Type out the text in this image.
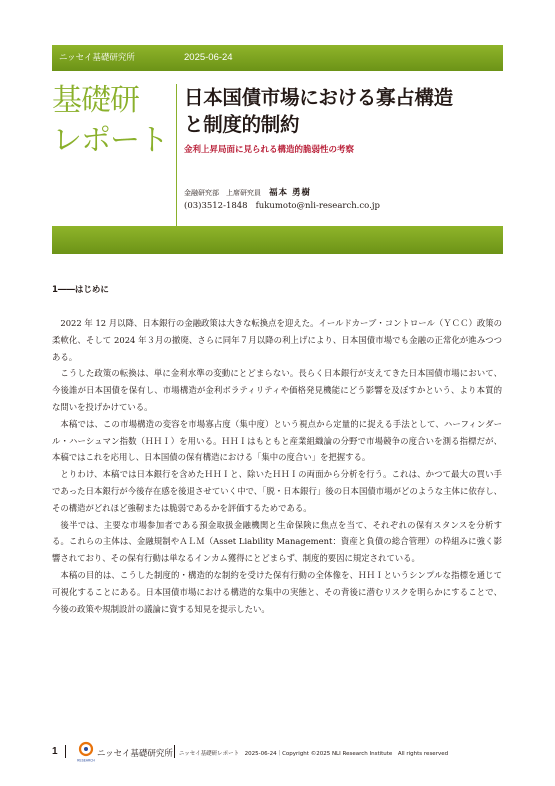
ニッセイ基礎研究所	2025-06-24
基礎研
レポート
日本国債市場における寡占構造
と制度的制約
金利上昇局面に見られる構造的脆弱性の考察
金融研究部　上席研究員 福本 勇樹
(03)3512-1848 fukumoto@nli-research.co.jp
1――はじめに

2022 年 12 月以降、日本銀行の金融政策は大きな転換点を迎えた。イールドカーブ・コントロール（ＹＣＣ）政策の柔軟化、そして 2024 年３月の撤廃、さらに同年７月以降の利上げにより、日本国債市場でも金融の正常化が進みつつある。

こうした政策の転換は、単に金利水準の変動にとどまらない。長らく日本銀行が支えてきた日本国債市場において、今後誰が日本国債を保有し、市場構造が金利ボラティリティや価格発見機能にどう影響を及ぼすかという、より本質的な問いを投げかけている。

本稿では、この市場構造の変容を市場寡占度（集中度）という視点から定量的に捉える手法として、ハーフィンダール・ハーシュマン指数（ＨＨＩ）を用いる。ＨＨＩはもともと産業組織論の分野で市場競争の度合いを測る指標だが、本稿ではこれを応用し、日本国債の保有構造における「集中の度合い」を把握する。

とりわけ、本稿では日本銀行を含めたＨＨＩと、除いたＨＨＩの両面から分析を行う。これは、かつて最大の買い手であった日本銀行が今後存在感を後退させていく中で、「脱・日本銀行」後の日本国債市場がどのような主体に依存し、その構造がどれほど強靭または脆弱であるかを評価するためである。

後半では、主要な市場参加者である預金取扱金融機関と生命保険に焦点を当て、それぞれの保有スタンスを分析する。これらの主体は、金融規制やＡＬＭ（Asset Liability Management：資産と負債の総合管理）の枠組みに強く影響されており、その保有行動は単なるインカム獲得にとどまらず、制度的要因に規定されている。

本稿の目的は、こうした制度的・構造的な制約を受けた保有行動の全体像を、ＨＨＩというシンプルな指標を通じて可視化することにある。日本国債市場における構造的な集中の実態と、その背後に潜むリスクを明らかにすることで、今後の政策や規制設計の議論に資する知見を提示したい。

1
RESEARCH
ニッセイ基礎研究所 ニッセイ基礎研レポート　2025-06-24｜Copyright ©2025 NLI Research Institute　All rights reserved
